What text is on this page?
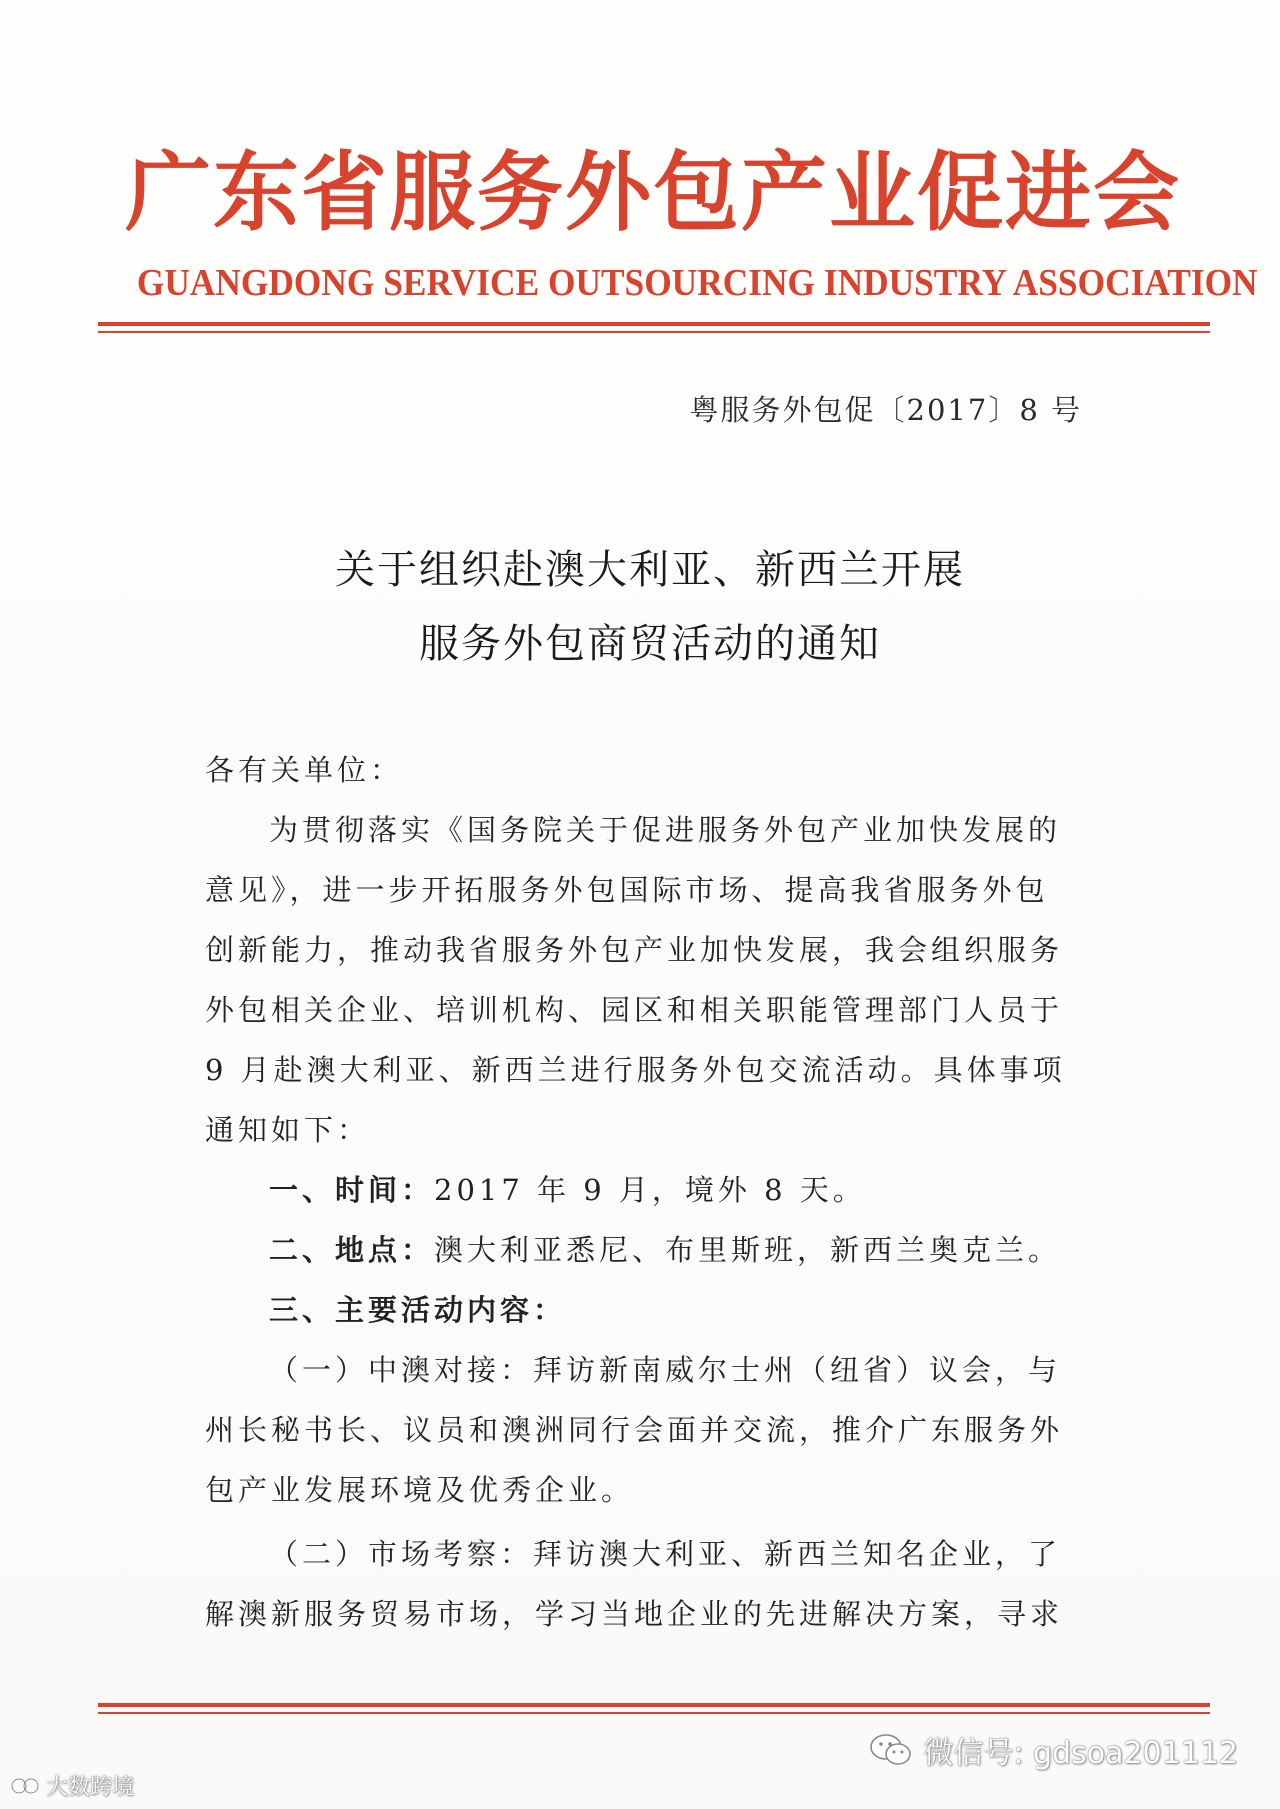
广东省服务外包产业促进会
GUANGDONG SERVICE OUTSOURCING INDUSTRY ASSOCIATION
粤服务外包促〔2017〕8 号
关于组织赴澳大利亚、新西兰开展
服务外包商贸活动的通知
各有关单位：
为贯彻落实《国务院关于促进服务外包产业加快发展的
意见》，进一步开拓服务外包国际市场、提高我省服务外包
创新能力，推动我省服务外包产业加快发展，我会组织服务
外包相关企业、培训机构、园区和相关职能管理部门人员于
9 月赴澳大利亚、新西兰进行服务外包交流活动。具体事项
通知如下：
一、时间：2017 年 9 月，境外 8 天。
二、地点：澳大利亚悉尼、布里斯班，新西兰奥克兰。
三、主要活动内容：
（一）中澳对接：拜访新南威尔士州（纽省）议会，与
州长秘书长、议员和澳洲同行会面并交流，推介广东服务外
包产业发展环境及优秀企业。
（二）市场考察：拜访澳大利亚、新西兰知名企业，了
解澳新服务贸易市场，学习当地企业的先进解决方案，寻求
微信号: gdsoa201112
大数跨境
